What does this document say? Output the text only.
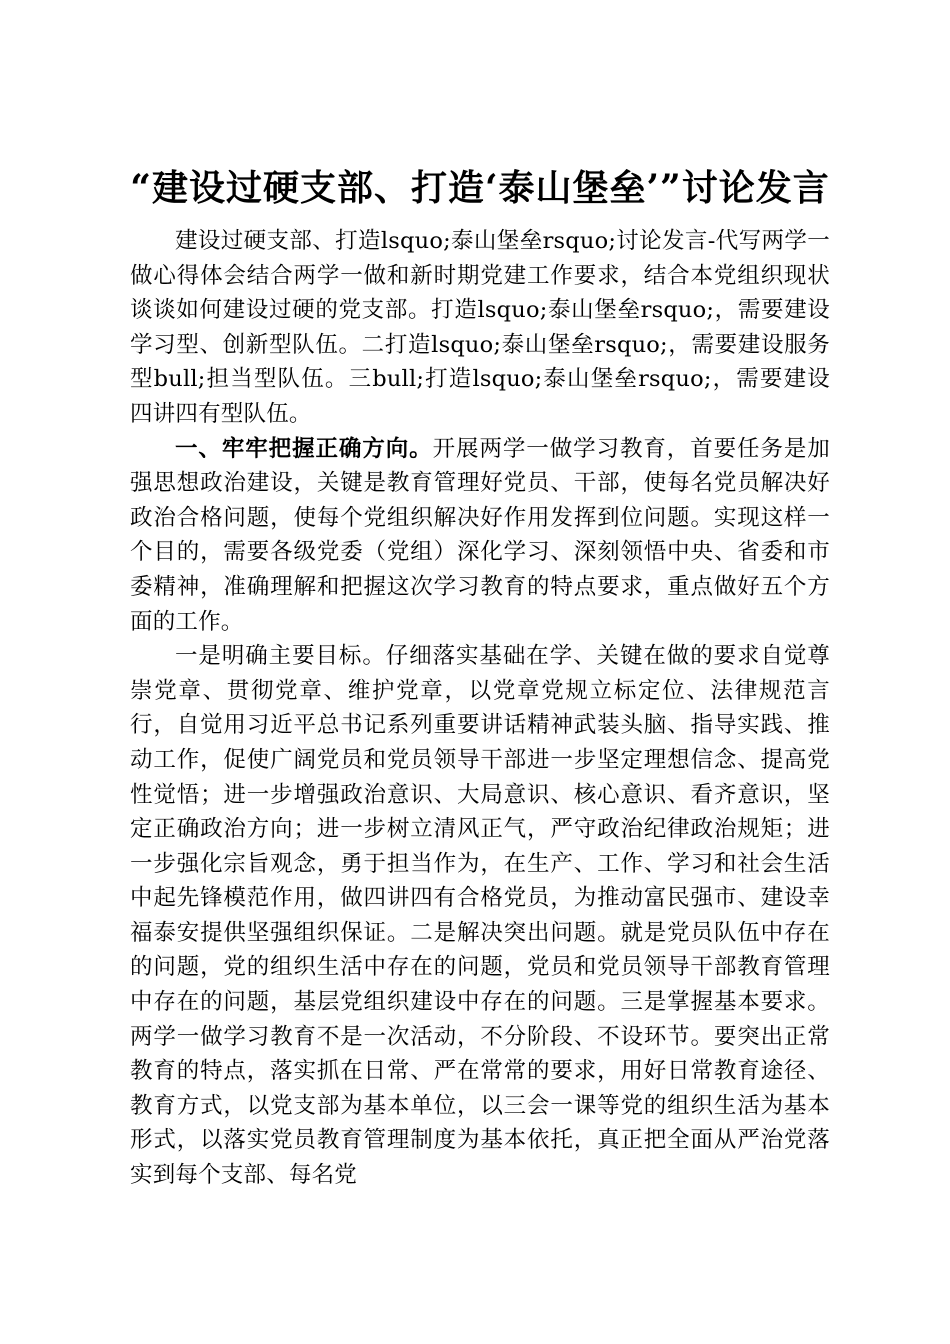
“建设过硬支部、打造‘泰山堡垒’”讨论发言

建设过硬支部、打造lsquo;泰山堡垒rsquo;讨论发言-代写两学一做心得体会结合两学一做和新时期党建工作要求，结合本党组织现状谈谈如何建设过硬的党支部。打造lsquo;泰山堡垒rsquo;，需要建设学习型、创新型队伍。二打造lsquo;泰山堡垒rsquo;，需要建设服务型bull;担当型队伍。三bull;打造lsquo;泰山堡垒rsquo;，需要建设四讲四有型队伍。

一、牢牢把握正确方向。开展两学一做学习教育，首要任务是加强思想政治建设，关键是教育管理好党员、干部，使每名党员解决好政治合格问题，使每个党组织解决好作用发挥到位问题。实现这样一个目的，需要各级党委（党组）深化学习、深刻领悟中央、省委和市委精神，准确理解和把握这次学习教育的特点要求，重点做好五个方面的工作。

一是明确主要目标。仔细落实基础在学、关键在做的要求自觉尊崇党章、贯彻党章、维护党章，以党章党规立标定位、法律规范言行，自觉用习近平总书记系列重要讲话精神武装头脑、指导实践、推动工作，促使广阔党员和党员领导干部进一步坚定理想信念、提高党性觉悟；进一步增强政治意识、大局意识、核心意识、看齐意识，坚定正确政治方向；进一步树立清风正气，严守政治纪律政治规矩；进一步强化宗旨观念，勇于担当作为，在生产、工作、学习和社会生活中起先锋模范作用，做四讲四有合格党员，为推动富民强市、建设幸福泰安提供坚强组织保证。二是解决突出问题。就是党员队伍中存在的问题，党的组织生活中存在的问题，党员和党员领导干部教育管理中存在的问题，基层党组织建设中存在的问题。三是掌握基本要求。两学一做学习教育不是一次活动，不分阶段、不设环节。要突出正常教育的特点，落实抓在日常、严在常常的要求，用好日常教育途径、教育方式，以党支部为基本单位，以三会一课等党的组织生活为基本形式，以落实党员教育管理制度为基本依托，真正把全面从严治党落实到每个支部、每名党
